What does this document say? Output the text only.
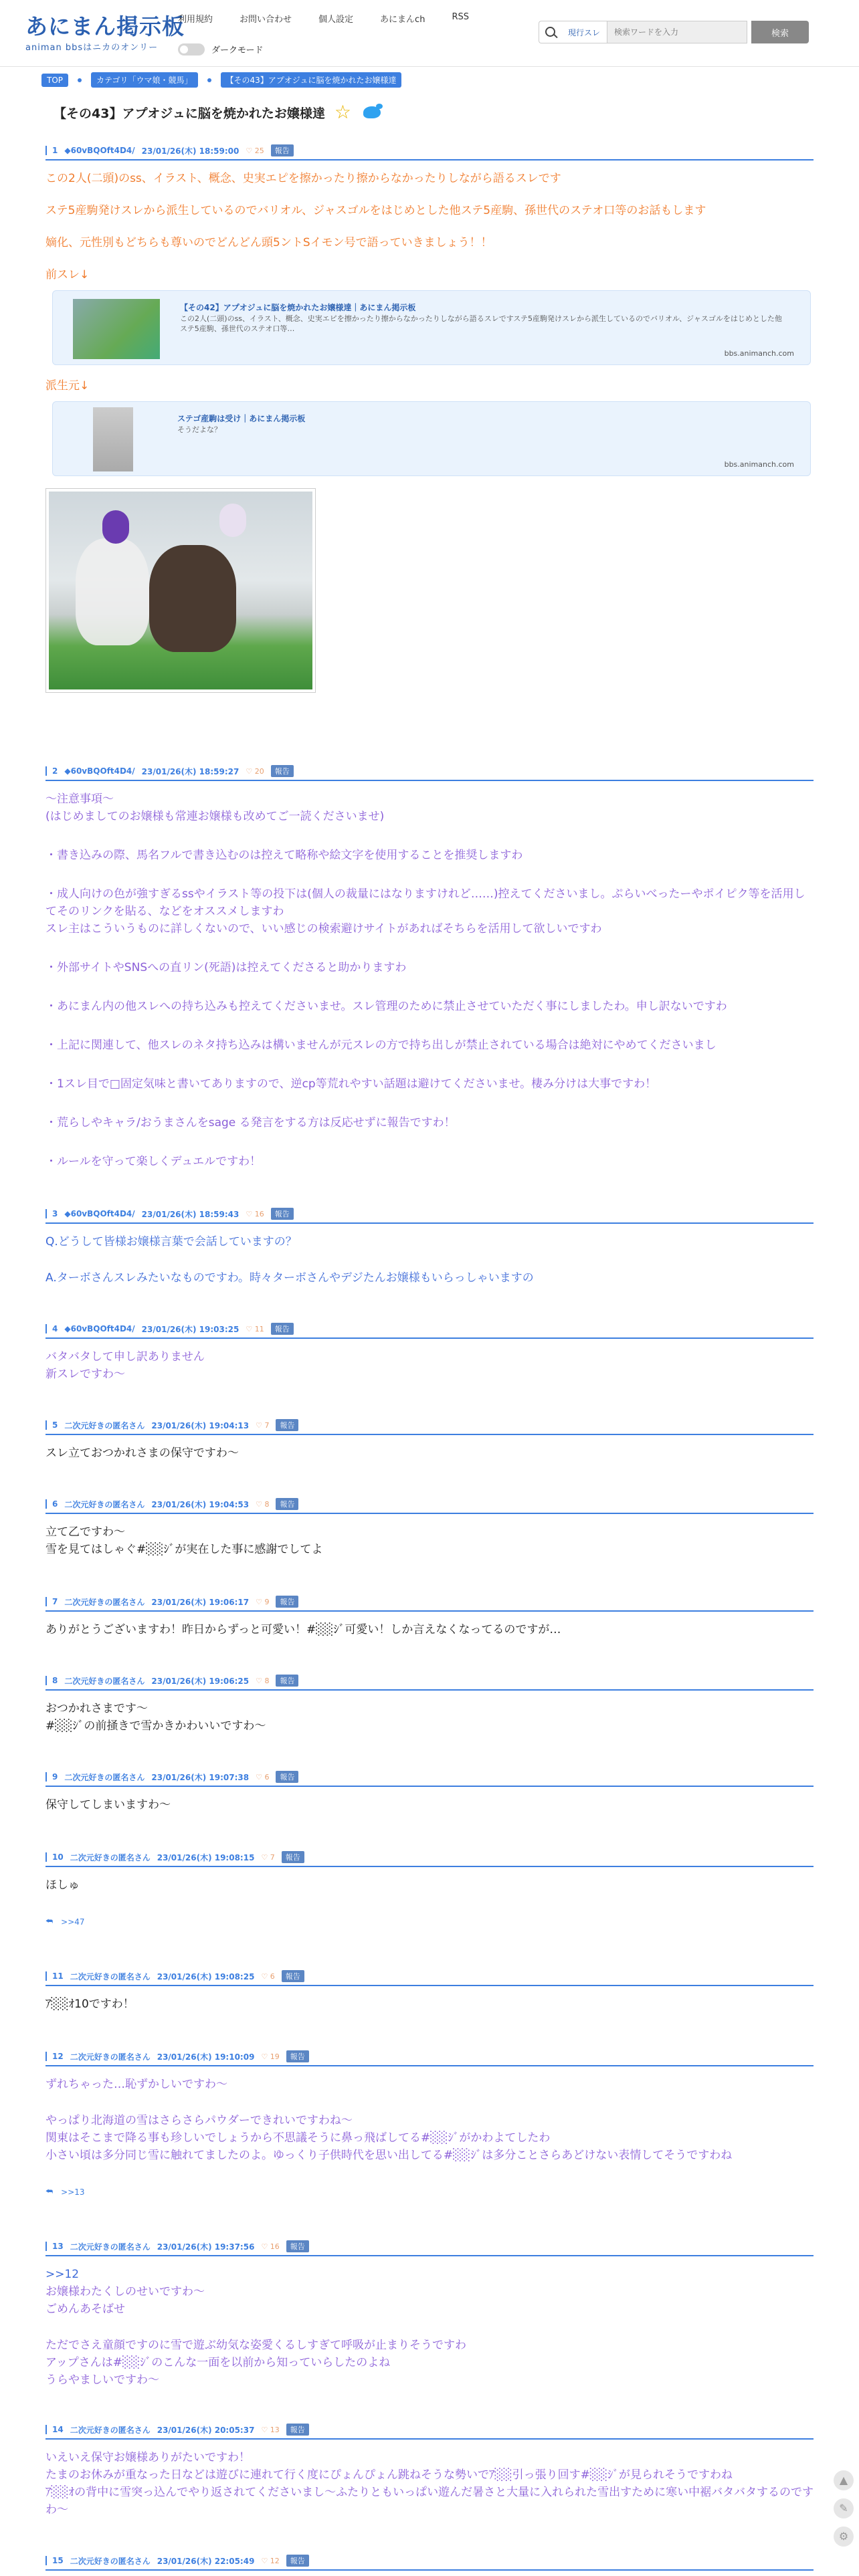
あにまん掲示板
animan bbsはニカのオンリー
利用規約	お問い合わせ	個人設定	あにまんch	RSS
ダークモード
現行スレ
検索ワードを入力	検索
TOP	カテゴリ「ウマ娘・競馬」	【その43】アプオジュに脳を焼かれたお嬢様達
【その43】アプオジュに脳を焼かれたお嬢様達 ☆
1 ◆60vBQOft4D4/ 23/01/26(木) 18:59:00 ♡ 25	報告

この2人(二頭)のss、イラスト、概念、史実エピを擦かったり擦からなかったりしながら語るスレです

ステ5産駒発けスレから派生しているのでバリオル、ジャスゴルをはじめとした他ステ5産駒、孫世代のステオ口等のお話もします

嫡化、元性別もどちらも尊いのでどんどん頭5ントSイモン号で語っていきましょう！！

前スレ↓

【その42】アプオジュに脳を焼かれたお嬢様達｜あにまん掲示板
この2人(二頭)のss、イラスト、概念、史実エピを擦かったり擦からなかったりしながら語るスレですステ5産駒発けスレから派生しているのでバリオル、ジャスゴルをはじめとした他ステ5産駒、孫世代のステオ口等…
bbs.animanch.com

派生元↓

ステゴ産駒は受け｜あにまん掲示板
そうだよな？
bbs.animanch.com
2 ◆60vBQOft4D4/ 23/01/26(木) 18:59:27 ♡ 20	報告

〜注意事項〜

(はじめましてのお嬢様も常連お嬢様も改めてご一読くださいませ)

・書き込みの際、馬名フルで書き込むのは控えて略称や絵文字を使用することを推奨しますわ

・成人向けの色が強すぎるssやイラスト等の投下は(個人の裁量にはなりますけれど……)控えてくださいまし。ぷらいべったーやポイピク等を活用してそのリンクを貼る、などをオススメしますわ

スレ主はこういうものに詳しくないので、いい感じの検索避けサイトがあればそちらを活用して欲しいですわ

・外部サイトやSNSへの直リン(死語)は控えてくださると助かりますわ

・あにまん内の他スレへの持ち込みも控えてくださいませ。スレ管理のために禁止させていただく事にしましたわ。申し訳ないですわ

・上記に関連して、他スレのネタ持ち込みは構いませんが元スレの方で持ち出しが禁止されている場合は絶対にやめてくださいまし

・1スレ目で□固定気味と書いてありますので、逆cp等荒れやすい話題は避けてくださいませ。棲み分けは大事ですわ！

・荒らしやキャラ/おうまさんをsage る発言をする方は反応せずに報告ですわ！

・ルールを守って楽しくデュエルですわ！

3 ◆60vBQOft4D4/ 23/01/26(木) 18:59:43 ♡ 16	報告

Q.どうして皆様お嬢様言葉で会話していますの？

A.ターボさんスレみたいなものですわ。時々ターボさんやデジたんお嬢様もいらっしゃいますの

4 ◆60vBQOft4D4/ 23/01/26(木) 19:03:25 ♡ 11	報告

バタバタして申し訳ありません

新スレですわ〜

5 二次元好きの匿名さん 23/01/26(木) 19:04:13 ♡ 7	報告

スレ立ておつかれさまの保守ですわ〜

6 二次元好きの匿名さん 23/01/26(木) 19:04:53 ♡ 8	報告

立て乙ですわ〜

雪を見てはしゃぐ#░░ｼﾞが実在した事に感謝でしてよ

7 二次元好きの匿名さん 23/01/26(木) 19:06:17 ♡ 9	報告

ありがとうございますわ！昨日からずっと可愛い！#░░ｼﾞ可愛い！しか言えなくなってるのですが…

8 二次元好きの匿名さん 23/01/26(木) 19:06:25 ♡ 8	報告

おつかれさまです〜

#░░ｼﾞの前掻きで雪かきかわいいですわ〜

9 二次元好きの匿名さん 23/01/26(木) 19:07:38 ♡ 6	報告

保守してしまいますわ〜

10 二次元好きの匿名さん 23/01/26(木) 19:08:15 ♡ 7	報告

ほしゅ

⮪ >>47
11 二次元好きの匿名さん 23/01/26(木) 19:08:25 ♡ 6	報告

ｱ░░ｵ10ですわ！

12 二次元好きの匿名さん 23/01/26(木) 19:10:09 ♡ 19	報告

ずれちゃった…恥ずかしいですわ〜

やっぱり北海道の雪はさらさらパウダーできれいですわね〜

関東はそこまで降る事も珍しいでしょうから不思議そうに鼻っ飛ばしてる#░░ｼﾞがかわよてしたわ

小さい頃は多分同じ雪に触れてましたのよ。ゆっくり子供時代を思い出してる#░░ｼﾞは多分ことさらあどけない表情してそうですわね

⮪ >>13
13 二次元好きの匿名さん 23/01/26(木) 19:37:56 ♡ 16	報告

>>12

お嬢様わたくしのせいですわ〜

ごめんあそばせ

ただでさえ童顔ですのに雪で遊ぶ幼気な姿愛くるしすぎて呼吸が止まりそうですわ

アップさんは#░░ｼﾞのこんな一面を以前から知っていらしたのよね

うらやましいですわ〜

14 二次元好きの匿名さん 23/01/26(木) 20:05:37 ♡ 13	報告

いえいえ保守お嬢様ありがたいですわ！

たまのお休みが重なった日などは遊びに連れて行く度にぴょんぴょん跳ねそうな勢いでｱ░░引っ張り回す#░░ｼﾞが見られそうですわね

ｱ░░ｵの背中に雪突っ込んでやり返されてくださいまし〜ふたりともいっぱい遊んだ暑さと大量に入れられた雪出すために寒い中裾バタバタするのですわ〜

15 二次元好きの匿名さん 23/01/26(木) 22:05:49 ♡ 12	報告
▲
✎
⚙
